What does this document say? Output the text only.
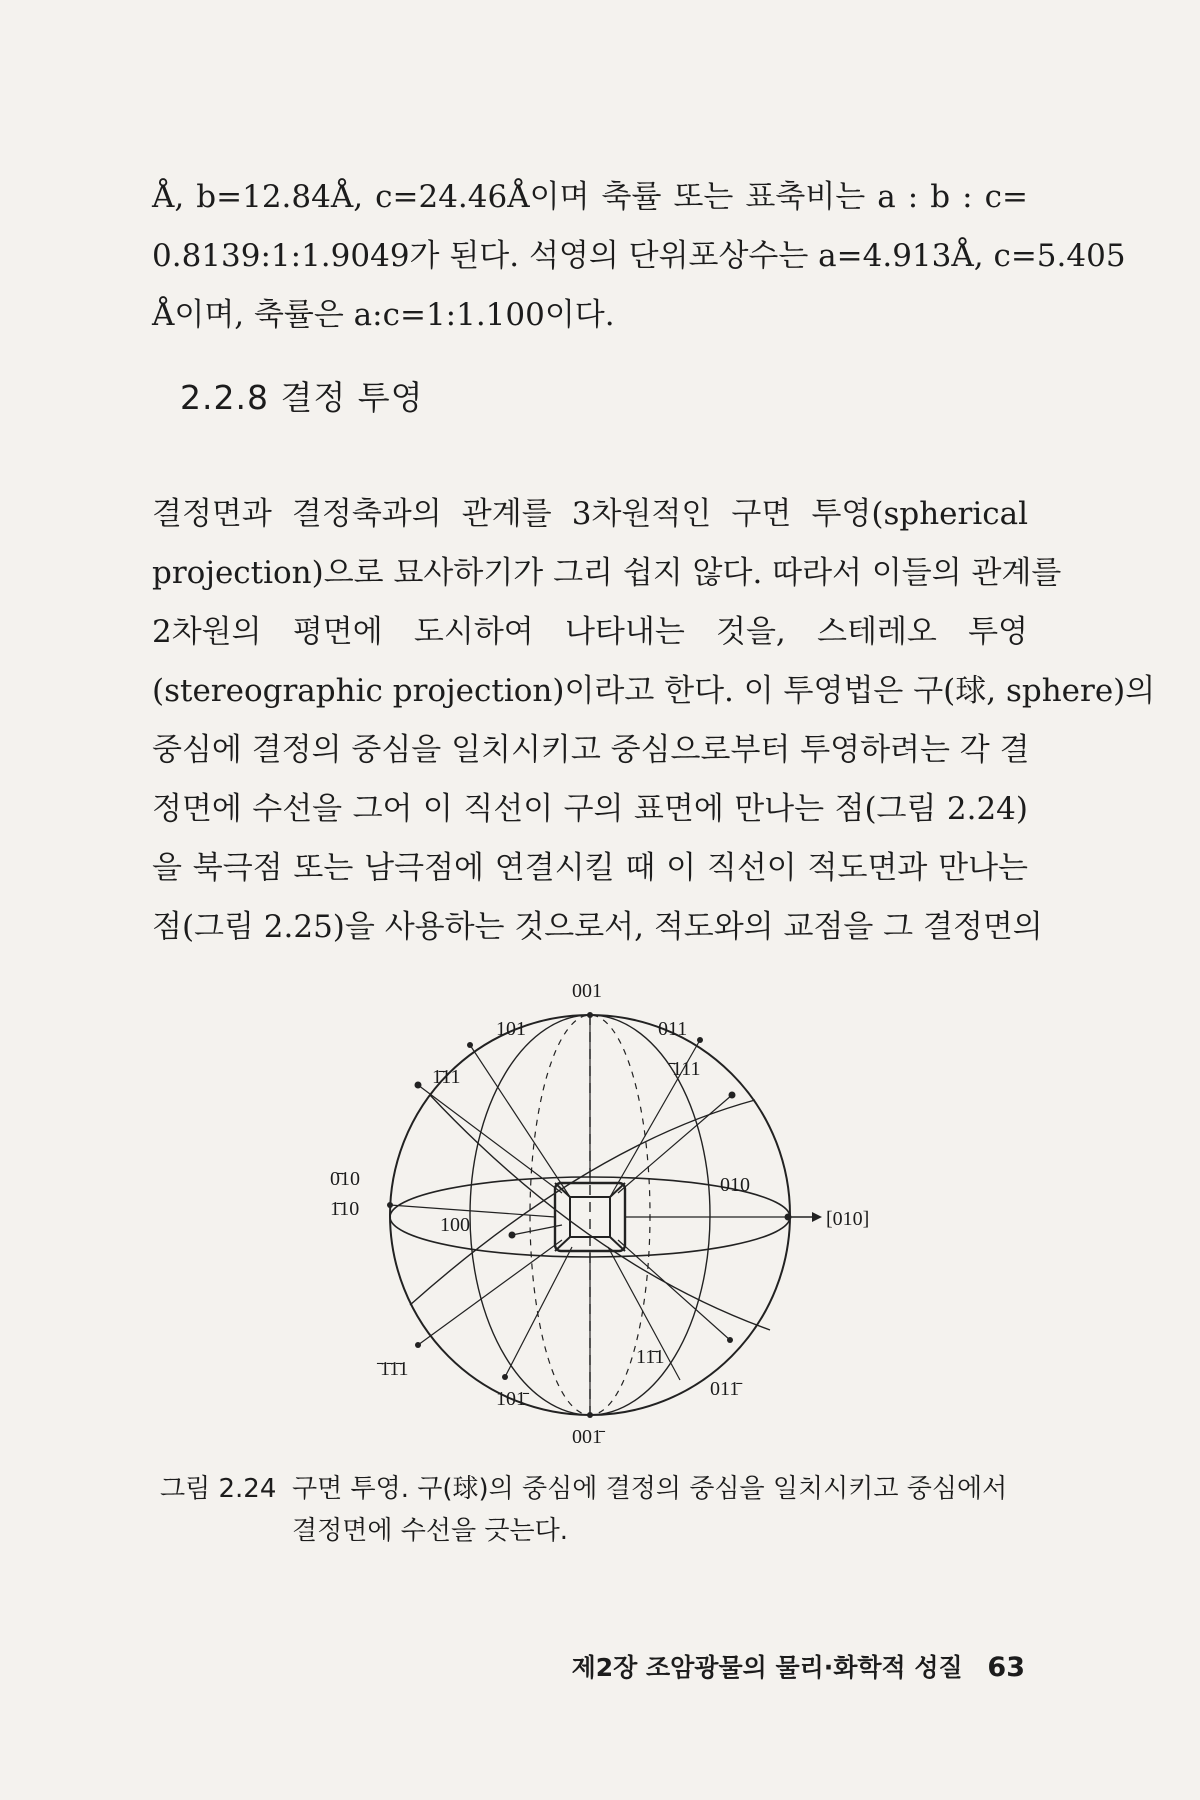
Å, b=12.84Å, c=24.46Å이며 축률 또는 표축비는 a : b : c=
0.8139:1:1.9049가 된다. 석영의 단위포상수는 a=4.913Å, c=5.405
Å이며, 축률은 a:c=1:1.100이다.
2.2.8 결정 투영
결정면과 결정축과의 관계를 3차원적인 구면 투영(spherical
projection)으로 묘사하기가 그리 쉽지 않다. 따라서 이들의 관계를
2차원의 평면에 도시하여 나타내는 것을, 스테레오 투영
(stereographic projection)이라고 한다. 이 투영법은 구(球, sphere)의
중심에 결정의 중심을 일치시키고 중심으로부터 투영하려는 각 결
정면에 수선을 그어 이 직선이 구의 표면에 만나는 점(그림 2.24)
을 북극점 또는 남극점에 연결시킬 때 이 직선이 적도면과 만나는
점(그림 2.25)을 사용하는 것으로서, 적도와의 교점을 그 결정면의
001
101	011
1̄11	̄111
0̄10
1̄10
100
010
[010]
̄1̄1̄1
11̄1
101̄	011̄
001̄
그림 2.24 구면 투영. 구(球)의 중심에 결정의 중심을 일치시키고 중심에서 결정면에 수선을 긋는다.
제2장 조암광물의 물리·화학적 성질 63
